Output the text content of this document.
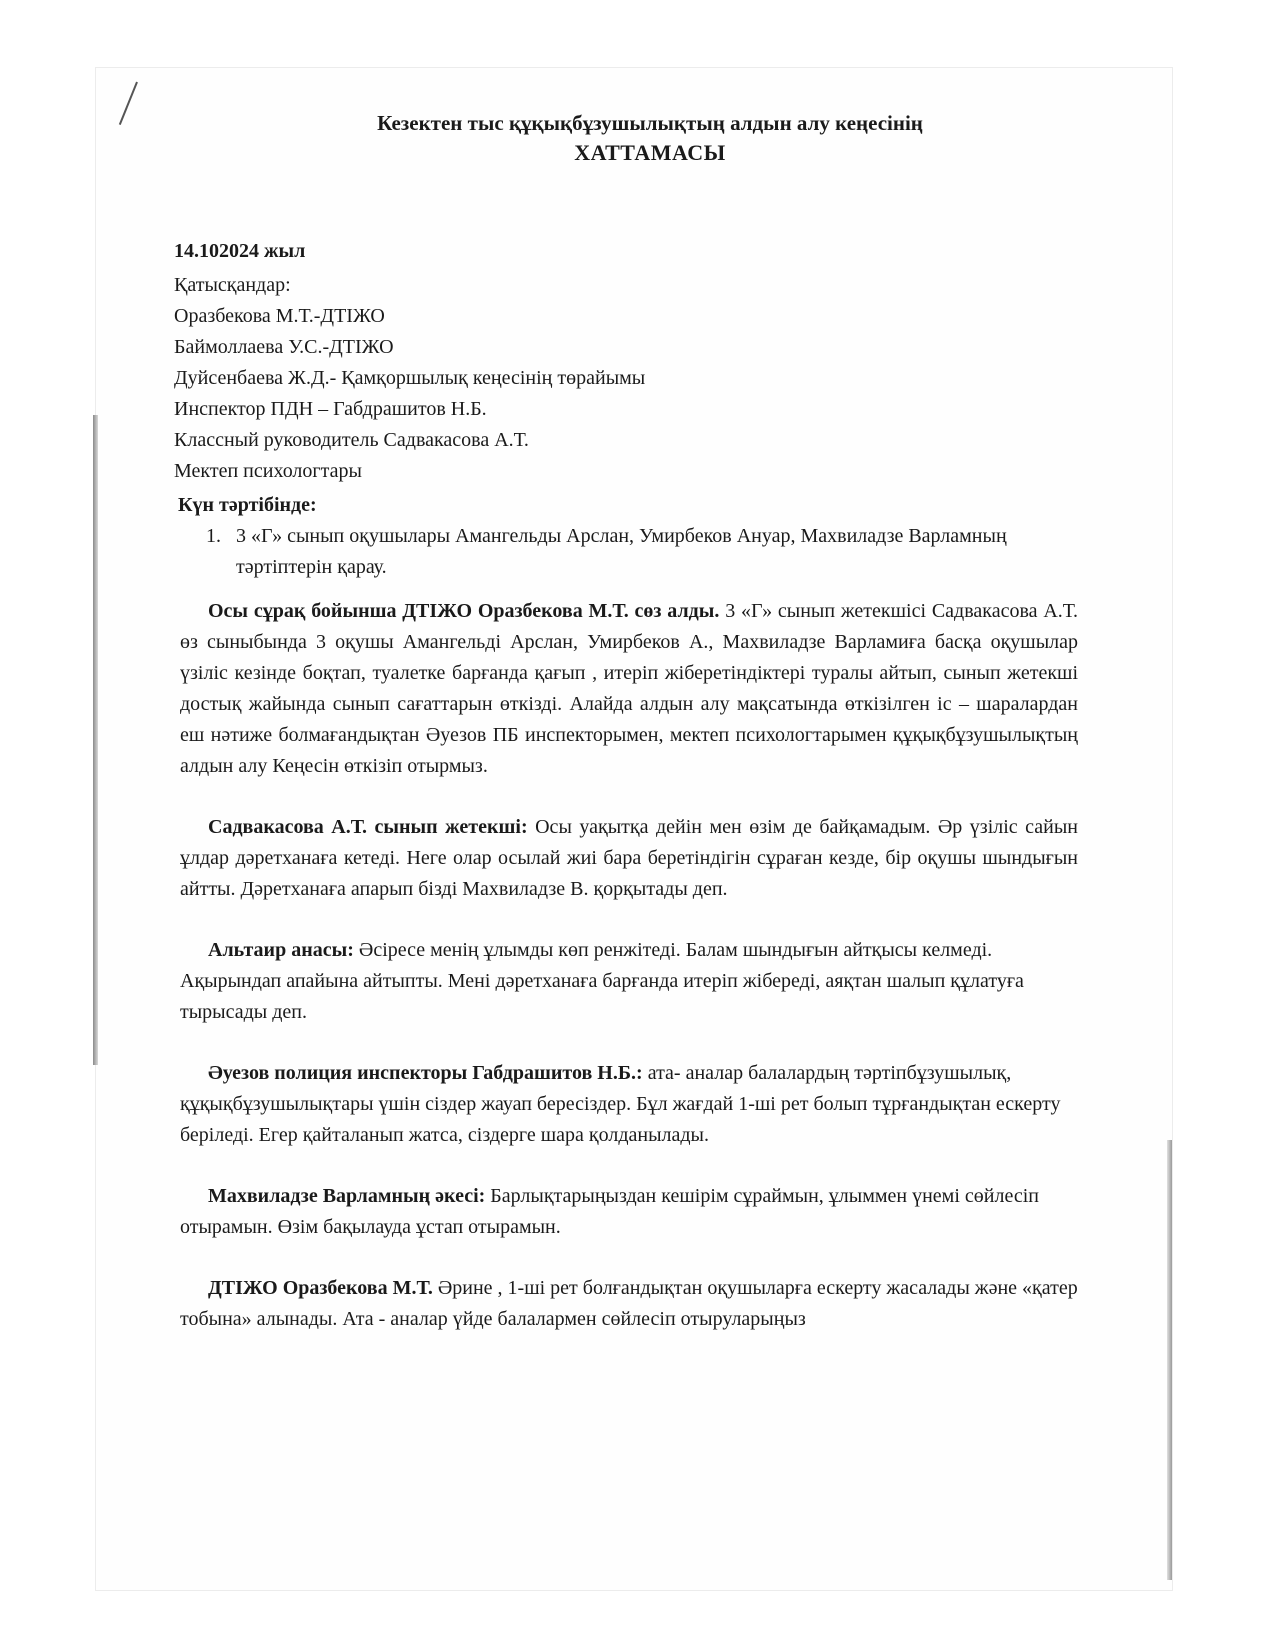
Кезектен тыс құқықбұзушылықтың алдын алу кеңесінің
ХАТТАМАСЫ
14.102024 жыл
Қатысқандар:
Оразбекова М.Т.-ДТІЖО
Баймоллаева У.С.-ДТІЖО
Дуйсенбаева Ж.Д.- Қамқоршылық кеңесінің төрайымы
Инспектор ПДН – Габдрашитов Н.Б.
Классный руководитель Садвакасова А.Т.
Мектеп психологтары
Күн тәртібінде:
1. 3 «Г» сынып оқушылары Амангельды Арслан, Умирбеков Ануар, Махвиладзе Варламның тәртіптерін қарау.

Осы сұрақ бойынша ДТІЖО Оразбекова М.Т. сөз алды. 3 «Г» сынып жетекшісі Садвакасова А.Т. өз сыныбында 3 оқушы Амангельді Арслан, Умирбеков А., Махвиладзе Варламиға басқа оқушылар үзіліс кезінде боқтап, туалетке барғанда қағып , итеріп жіберетіндіктері туралы айтып, сынып жетекші достық жайында сынып сағаттарын өткізді. Алайда алдын алу мақсатында өткізілген іс – шаралардан еш нәтиже болмағандықтан Әуезов ПБ инспекторымен, мектеп психологтарымен құқықбұзушылықтың алдын алу Кеңесін өткізіп отырмыз.

Садвакасова А.Т. сынып жетекші: Осы уақытқа дейін мен өзім де байқамадым. Әр үзіліс сайын ұлдар дәретханаға кетеді. Неге олар осылай жиі бара беретіндігін сұраған кезде, бір оқушы шындығын айтты. Дәретханаға апарып бізді Махвиладзе В. қорқытады деп.

Альтаир анасы: Әсіресе менің ұлымды көп ренжітеді. Балам шындығын айтқысы келмеді. Ақырындап апайына айтыпты. Мені дәретханаға барғанда итеріп жібереді, аяқтан шалып құлатуға тырысады деп.

Әуезов полиция инспекторы Габдрашитов Н.Б.: ата- аналар балалардың тәртіпбұзушылық, құқықбұзушылықтары үшін сіздер жауап бересіздер. Бұл жағдай 1-ші рет болып тұрғандықтан ескерту беріледі. Егер қайталанып жатса, сіздерге шара қолданылады.

Махвиладзе Варламның әкесі: Барлықтарыңыздан кешірім сұраймын, ұлыммен үнемі сөйлесіп отырамын. Өзім бақылауда ұстап отырамын.

ДТІЖО Оразбекова М.Т. Әрине , 1-ші рет болғандықтан оқушыларға ескерту жасалады және «қатер тобына» алынады. Ата - аналар үйде балалармен сөйлесіп отыруларыңыз
